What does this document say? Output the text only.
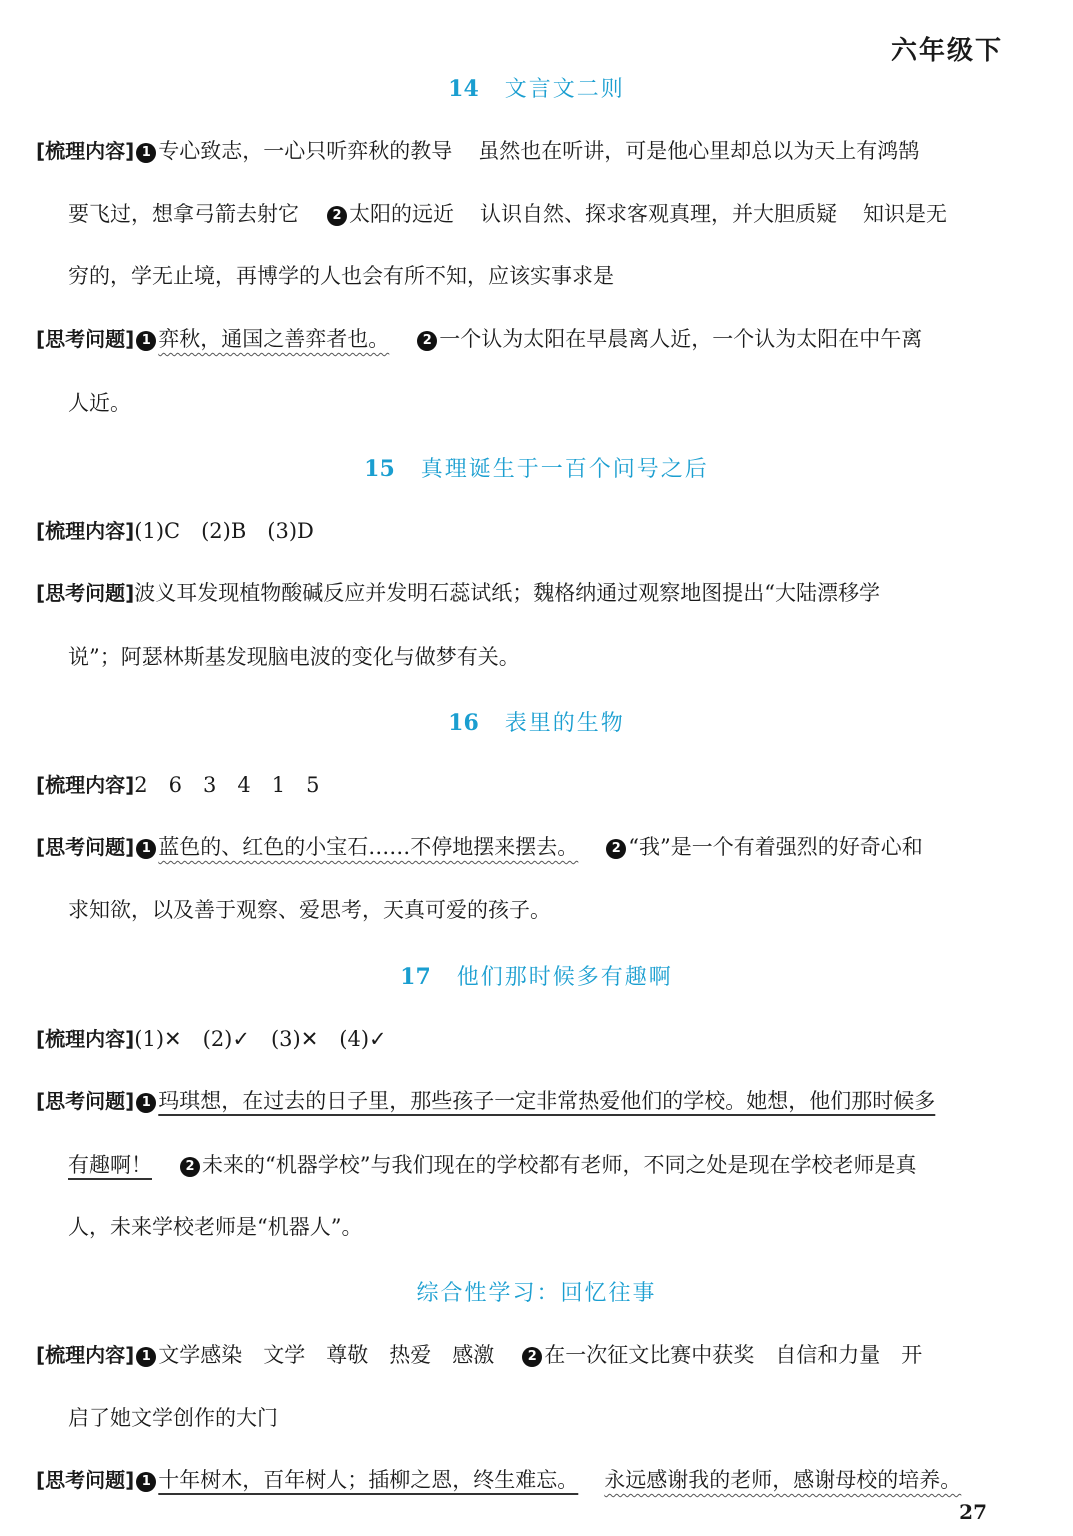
六年级下
14 文言文二则
[梳理内容] 1 专心致志，一心只听弈秋的教导 虽然也在听讲，可是他心里却总以为天上有鸿鹄
要飞过，想拿弓箭去射它	2 太阳的远近 认识自然、探求客观真理，并大胆质疑 知识是无
穷的，学无止境，再博学的人也会有所不知，应该实事求是
[思考问题] 1 弈秋，通国之善弈者也。	2 一个认为太阳在早晨离人近，一个认为太阳在中午离
人近。
15 真理诞生于一百个问号之后
[梳理内容](1)C　(2)B　(3)D
[思考问题]波义耳发现植物酸碱反应并发明石蕊试纸；魏格纳通过观察地图提出“大陆漂移学
说”；阿瑟林斯基发现脑电波的变化与做梦有关。
16 表里的生物
[梳理内容]2　6　3　4　1　5
[思考问题] 1 蓝色的、红色的小宝石……不停地摆来摆去。	2 “我”是一个有着强烈的好奇心和
求知欲，以及善于观察、爱思考，天真可爱的孩子。
17 他们那时候多有趣啊
[梳理内容](1)✕　(2)✓　(3)✕　(4)✓
[思考问题] 1 玛琪想，在过去的日子里，那些孩子一定非常热爱他们的学校。她想，他们那时候多
有趣啊！	2 未来的“机器学校”与我们现在的学校都有老师，不同之处是现在学校老师是真
人，未来学校老师是“机器人”。
综合性学习：回忆往事
[梳理内容] 1 文学感染　文学　尊敬　热爱　感激	2 在一次征文比赛中获奖　自信和力量　开
启了她文学创作的大门
[思考问题] 1 十年树木，百年树人；插柳之恩，终生难忘。 永远感谢我的老师，感谢母校的培养。
27
